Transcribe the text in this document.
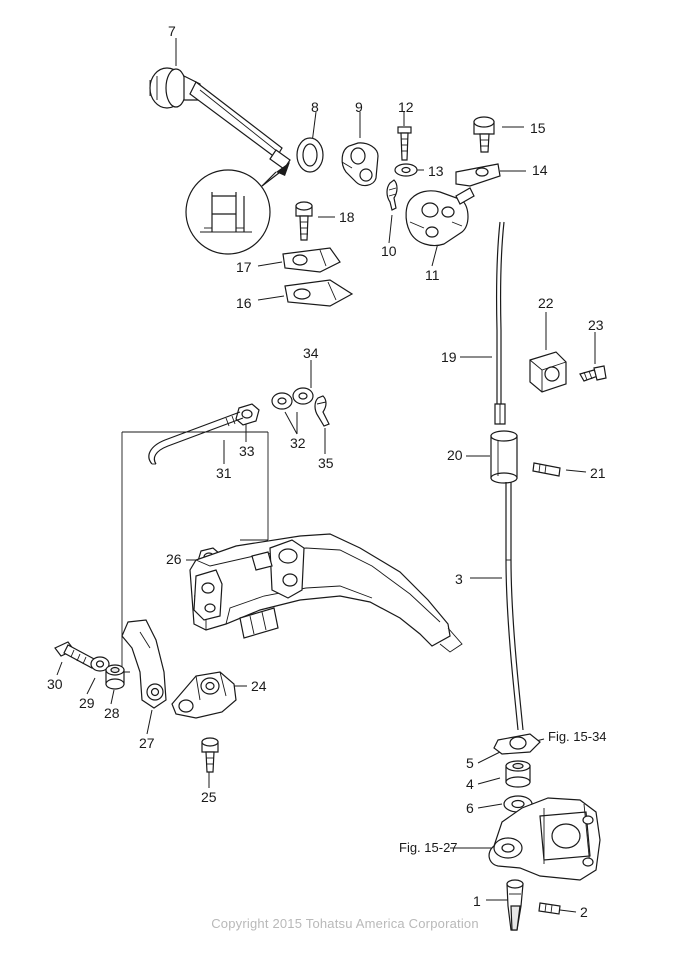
7
8	9	12
15
13	14
18
10
11
17
16	22
23
19
34
32
33
35
31
20
21
26
3
30
29
28
27
24
25
5
4
6
1
2
Fig. 15-34
Fig. 15-27
Copyright 2015 Tohatsu America Corporation
